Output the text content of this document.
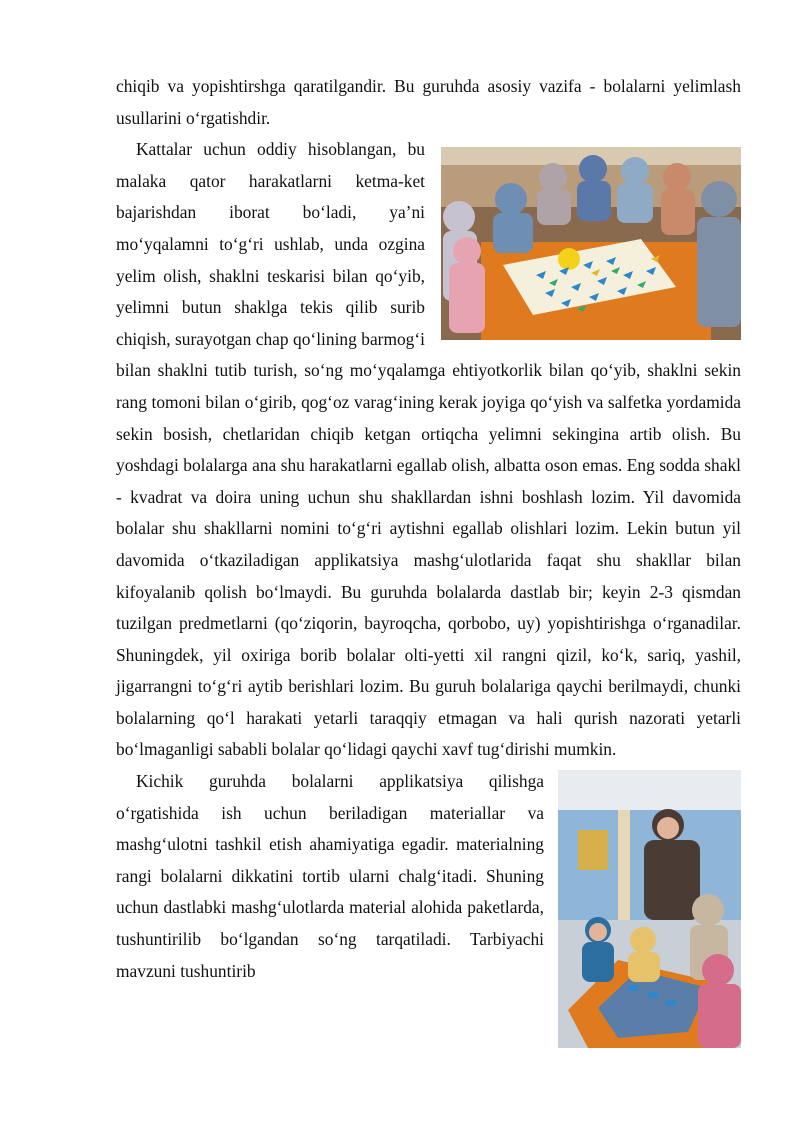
chiqib va yopishtirshga qaratilgandir. Bu guruhda asosiy vazifa - bolalarni yelimlash usullarini o‘rgatishdir.

Kattalar uchun oddiy hisoblangan, bu malaka qator harakatlarni ketma-ket bajarishdan iborat bo‘ladi, ya’ni mo‘yqalamni to‘g‘ri ushlab, unda ozgina yelim olish, shaklni teskarisi bilan qo‘yib, yelimni butun shaklga tekis qilib surib chiqish, surayotgan chap qo‘lining barmog‘i bilan shaklni tutib turish, so‘ng mo‘yqalamga ehtiyotkorlik bilan qo‘yib, shaklni sekin rang tomoni bilan o‘girib, qog‘oz varag‘ining kerak joyiga qo‘yish va salfetka yordamida sekin bosish, chetlaridan chiqib ketgan ortiqcha yelimni sekingina artib olish. Bu yoshdagi bolalarga ana shu harakatlarni egallab olish, albatta oson emas. Eng sodda shakl - kvadrat va doira uning uchun shu shakllardan ishni boshlash lozim. Yil davomida bolalar shu shakllarni nomini to‘g‘ri aytishni egallab olishlari lozim. Lekin butun yil davomida o‘tkaziladigan applikatsiya mashg‘ulotlarida faqat shu shakllar bilan kifoyalanib qolish bo‘lmaydi. Bu guruhda bolalarda dastlab bir; keyin 2-3 qismdan tuzilgan predmetlarni (qo‘ziqorin, bayroqcha, qorbobo, uy) yopishtirishga o‘rganadilar. Shuningdek, yil oxiriga borib bolalar olti-yetti xil rangni qizil, ko‘k, sariq, yashil, jigarrangni to‘g‘ri aytib berishlari lozim. Bu guruh bolalariga qaychi berilmaydi, chunki bolalarning qo‘l harakati yetarli taraqqiy etmagan va hali qurish nazorati yetarli bo‘lmaganligi sababli bolalar qo‘lidagi qaychi xavf tug‘dirishi mumkin.

Kichik guruhda bolalarni applikatsiya qilishga o‘rgatishida ish uchun beriladigan materiallar va mashg‘ulotni tashkil etish ahamiyatiga egadir. materialning rangi bolalarni dikkatini tortib ularni chalg‘itadi. Shuning uchun dastlabki mashg‘ulotlarda material alohida paketlarda, tushuntirilib bo‘lgandan so‘ng tarqatiladi. Tarbiyachi mavzuni tushuntirib
